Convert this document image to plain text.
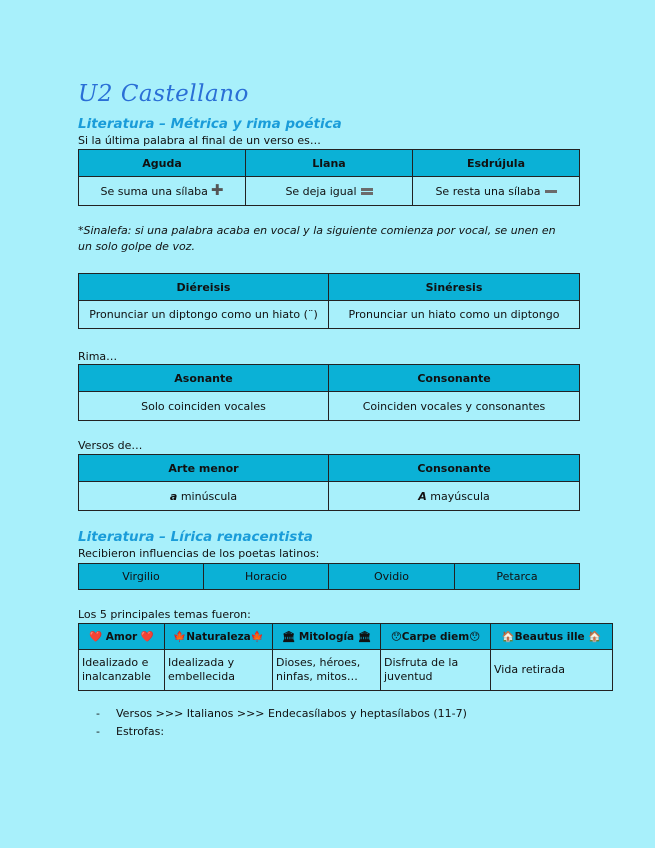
U2 Castellano
Literatura – Métrica y rima poética
Si la última palabra al final de un verso es…
Aguda	Llana	Esdrújula
Se suma una sílaba ✚	Se deja igual	Se resta una sílaba
*Sinalefa: si una palabra acaba en vocal y la siguiente comienza por vocal, se unen en un solo golpe de voz.
Diéreisis	Sinéresis
Pronunciar un diptongo como un hiato (¨)	Pronunciar un hiato como un diptongo
Rima…
Asonante	Consonante
Solo coinciden vocales	Coinciden vocales y consonantes
Versos de…
Arte menor	Consonante
a minúscula	A mayúscula
Literatura – Lírica renacentista
Recibieron influencias de los poetas latinos:
Virgilio	Horacio	Ovidio	Petarca
Los 5 principales temas fueron:
❤️ Amor ❤️	🍁Naturaleza🍁	🏛 Mitología 🏛	😯Carpe diem😯	🏠Beautus ille 🏠
Idealizado e inalcanzable	Idealizada y embellecida	Dioses, héroes, ninfas, mitos…	Disfruta de la juventud	Vida retirada
- Versos >>> Italianos >>> Endecasílabos y heptasílabos (11-7)
- Estrofas:
